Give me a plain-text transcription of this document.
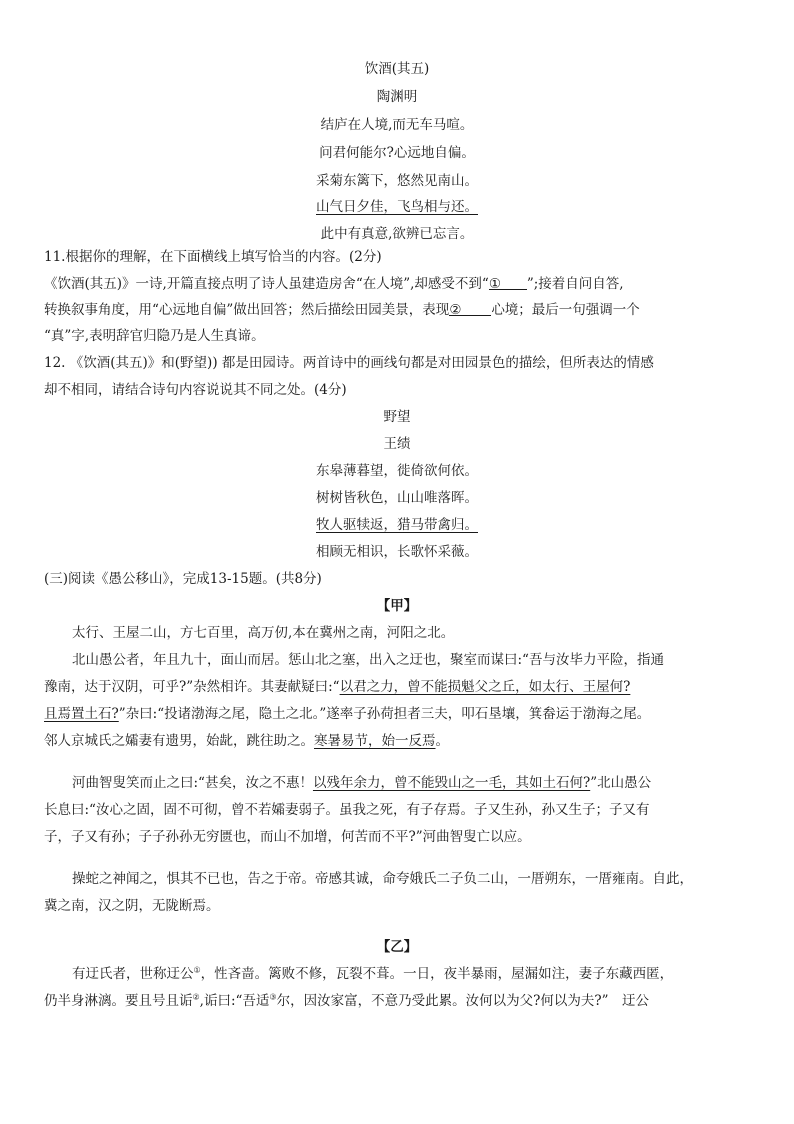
饮酒(其五)
陶渊明
结庐在人境,而无车马喧。
问君何能尔?心远地自偏。
采菊东篱下，悠然见南山。
山气日夕佳，飞鸟相与还。
此中有真意,欲辨已忘言。
11.根据你的理解，在下面横线上填写恰当的内容。(2分)
《饮酒(其五)》一诗,开篇直接点明了诗人虽建造房舍“在人境”,却感受不到“① ”;接着自问自答,
转换叙事角度，用“心远地自偏”做出回答；然后描绘田园美景，表现② 心境；最后一句强调一个
“真”字,表明辞官归隐乃是人生真谛。
12. 《饮酒(其五)》和(野望)) 都是田园诗。两首诗中的画线句都是对田园景色的描绘，但所表达的情感
却不相同，请结合诗句内容说说其不同之处。(4分)
野望
王绩
东皋薄暮望，徙倚欲何依。
树树皆秋色，山山唯落晖。
牧人驱犊返，猎马带禽归。
相顾无相识，长歌怀采薇。
(三)阅读《愚公移山》，完成13-15题。(共8分)
【甲】
太行、王屋二山，方七百里，高万仞,本在冀州之南，河阳之北。
北山愚公者，年且九十，面山而居。惩山北之塞，出入之迂也，聚室而谋曰:“吾与汝毕力平险，指通
豫南，达于汉阴，可乎?”杂然相许。其妻献疑曰:“以君之力，曾不能损魁父之丘，如太行、王屋何?
且焉置土石?”杂曰:“投诸渤海之尾，隐土之北。”遂率子孙荷担者三夫，叩石垦壤，箕畚运于渤海之尾。
邻人京城氏之孀妻有遗男，始龀，跳往助之。寒暑易节，始一反焉。
河曲智叟笑而止之曰:“甚矣，汝之不惠！以残年余力，曾不能毁山之一毛，其如土石何?”北山愚公
长息曰:“汝心之固，固不可彻，曾不若孀妻弱子。虽我之死，有子存焉。子又生孙，孙又生子；子又有
子，子又有孙；子子孙孙无穷匮也，而山不加增，何苦而不平?”河曲智叟亡以应。
操蛇之神闻之，惧其不已也，告之于帝。帝感其诚，命夸娥氏二子负二山，一厝朔东，一厝雍南。自此，
冀之南，汉之阴，无陇断焉。
【乙】
有迂氏者，世称迂公①，性吝啬。篱败不修，瓦裂不葺。一日，夜半暴雨，屋漏如注，妻子东藏西匿，
仍半身淋漓。要且号且诟②,诟曰:“吾适③尔，因汝家富，不意乃受此累。汝何以为父?何以为夫?”　迂公
